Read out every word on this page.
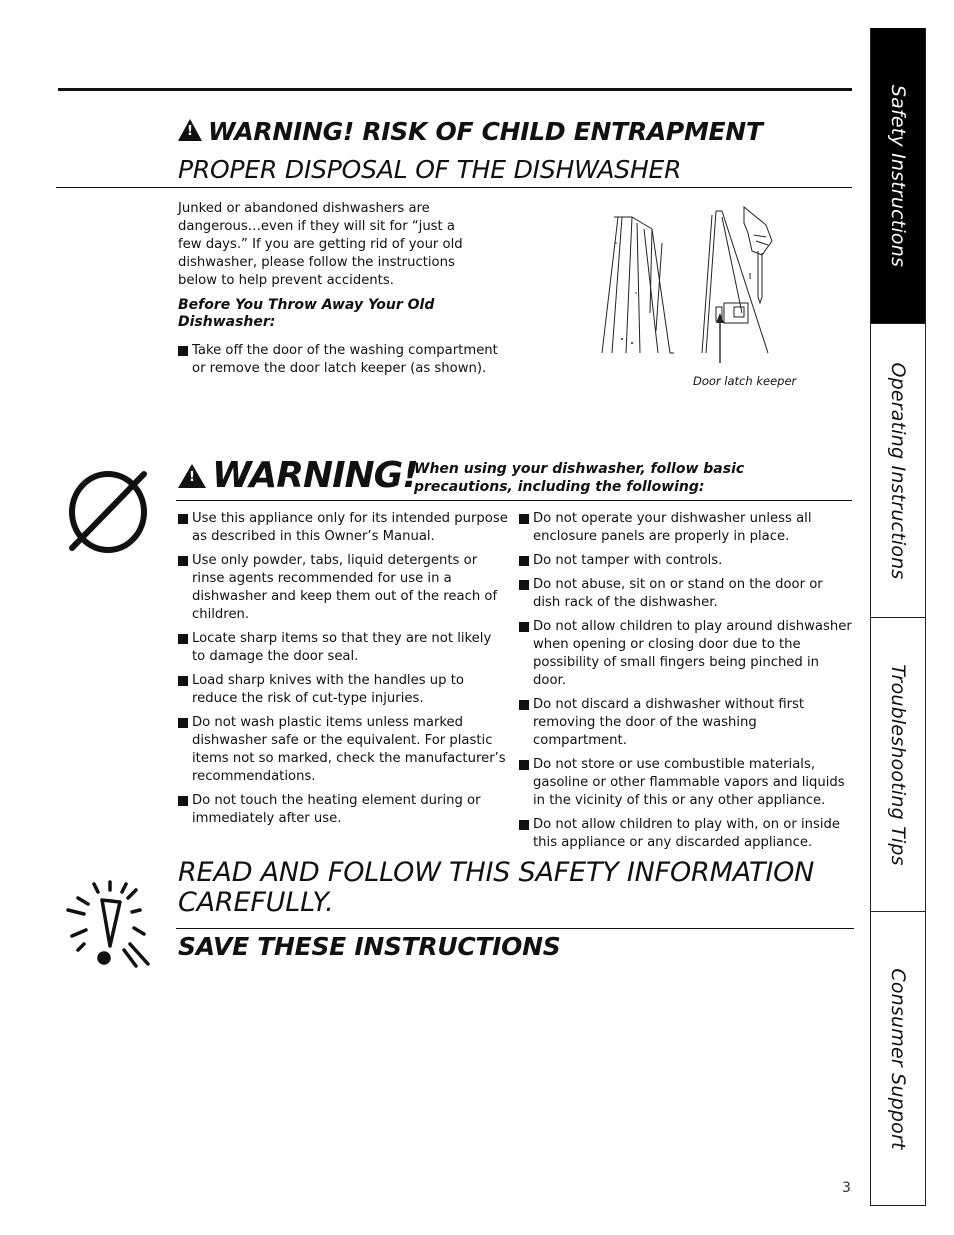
Safety Instructions
Operating Instructions
Troubleshooting Tips
Consumer Support
3
!WARNING! RISK OF CHILD ENTRAPMENT
PROPER DISPOSAL OF THE DISHWASHER
Junked or abandoned dishwashers are dangerous…even if they will sit for “just a few days.” If you are getting rid of your old dishwasher, please follow the instructions below to help prevent accidents.
Before You Throw Away Your Old Dishwasher:
Take off the door of the washing compartment or remove the door latch keeper (as shown).
Door latch keeper
!WARNING!
When using your dishwasher, follow basic precautions, including the following:
Use this appliance only for its intended purpose as described in this Owner’s Manual.
Use only powder, tabs, liquid detergents or rinse agents recommended for use in a dishwasher and keep them out of the reach of children.
Locate sharp items so that they are not likely to damage the door seal.
Load sharp knives with the handles up to reduce the risk of cut-type injuries.
Do not wash plastic items unless marked dishwasher safe or the equivalent. For plastic items not so marked, check the manufacturer’s recommendations.
Do not touch the heating element during or immediately after use.
Do not operate your dishwasher unless all enclosure panels are properly in place.
Do not tamper with controls.
Do not abuse, sit on or stand on the door or dish rack of the dishwasher.
Do not allow children to play around dishwasher when opening or closing door due to the possibility of small fingers being pinched in door.
Do not discard a dishwasher without first removing the door of the washing compartment.
Do not store or use combustible materials, gasoline or other flammable vapors and liquids in the vicinity of this or any other appliance.
Do not allow children to play with, on or inside this appliance or any discarded appliance.
READ AND FOLLOW THIS SAFETY INFORMATION CAREFULLY.
SAVE THESE INSTRUCTIONS
